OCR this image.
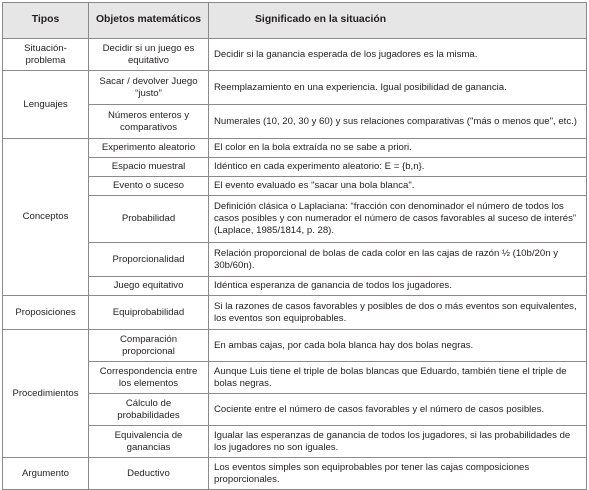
Tipos	Objetos matemáticos	Significado en la situación
Situación-problema	Decidir si un juego es equitativo	Decidir si la ganancia esperada de los jugadores es la misma.
Lenguajes	Sacar / devolver Juego “justo”	Reemplazamiento en una experiencia. Igual posibilidad de ganancia.
	Números enteros y comparativos	Numerales (10, 20, 30 y 60) y sus relaciones comparativas ("más o menos que", etc.)
Conceptos	Experimento aleatorio	El color en la bola extraída no se sabe a priori.
	Espacio muestral	Idéntico en cada experimento aleatorio: E = {b,n}.
	Evento o suceso	El evento evaluado es "sacar una bola blanca".
	Probabilidad	Definición clásica o Laplaciana: “fracción con denominador el número de todos los casos posibles y con numerador el número de casos favorables al suceso de interés” (Laplace, 1985/1814, p. 28).
	Proporcionalidad	Relación proporcional de bolas de cada color en las cajas de razón ½ (10b/20n y 30b/60n).
	Juego equitativo	Idéntica esperanza de ganancia de todos los jugadores.
Proposiciones	Equiprobabilidad	Si la razones de casos favorables y posibles de dos o más eventos son equivalentes, los eventos son equiprobables.
Procedimientos	Comparación proporcional	En ambas cajas, por cada bola blanca hay dos bolas negras.
	Correspondencia entre los elementos	Aunque Luis tiene el triple de bolas blancas que Eduardo, también tiene el triple de bolas negras.
	Cálculo de probabilidades	Cociente entre el número de casos favorables y el número de casos posibles.
	Equivalencia de ganancias	Igualar las esperanzas de ganancia de todos los jugadores, si las probabilidades de los jugadores no son iguales.
Argumento	Deductivo	Los eventos simples son equiprobables por tener las cajas composiciones proporcionales.
